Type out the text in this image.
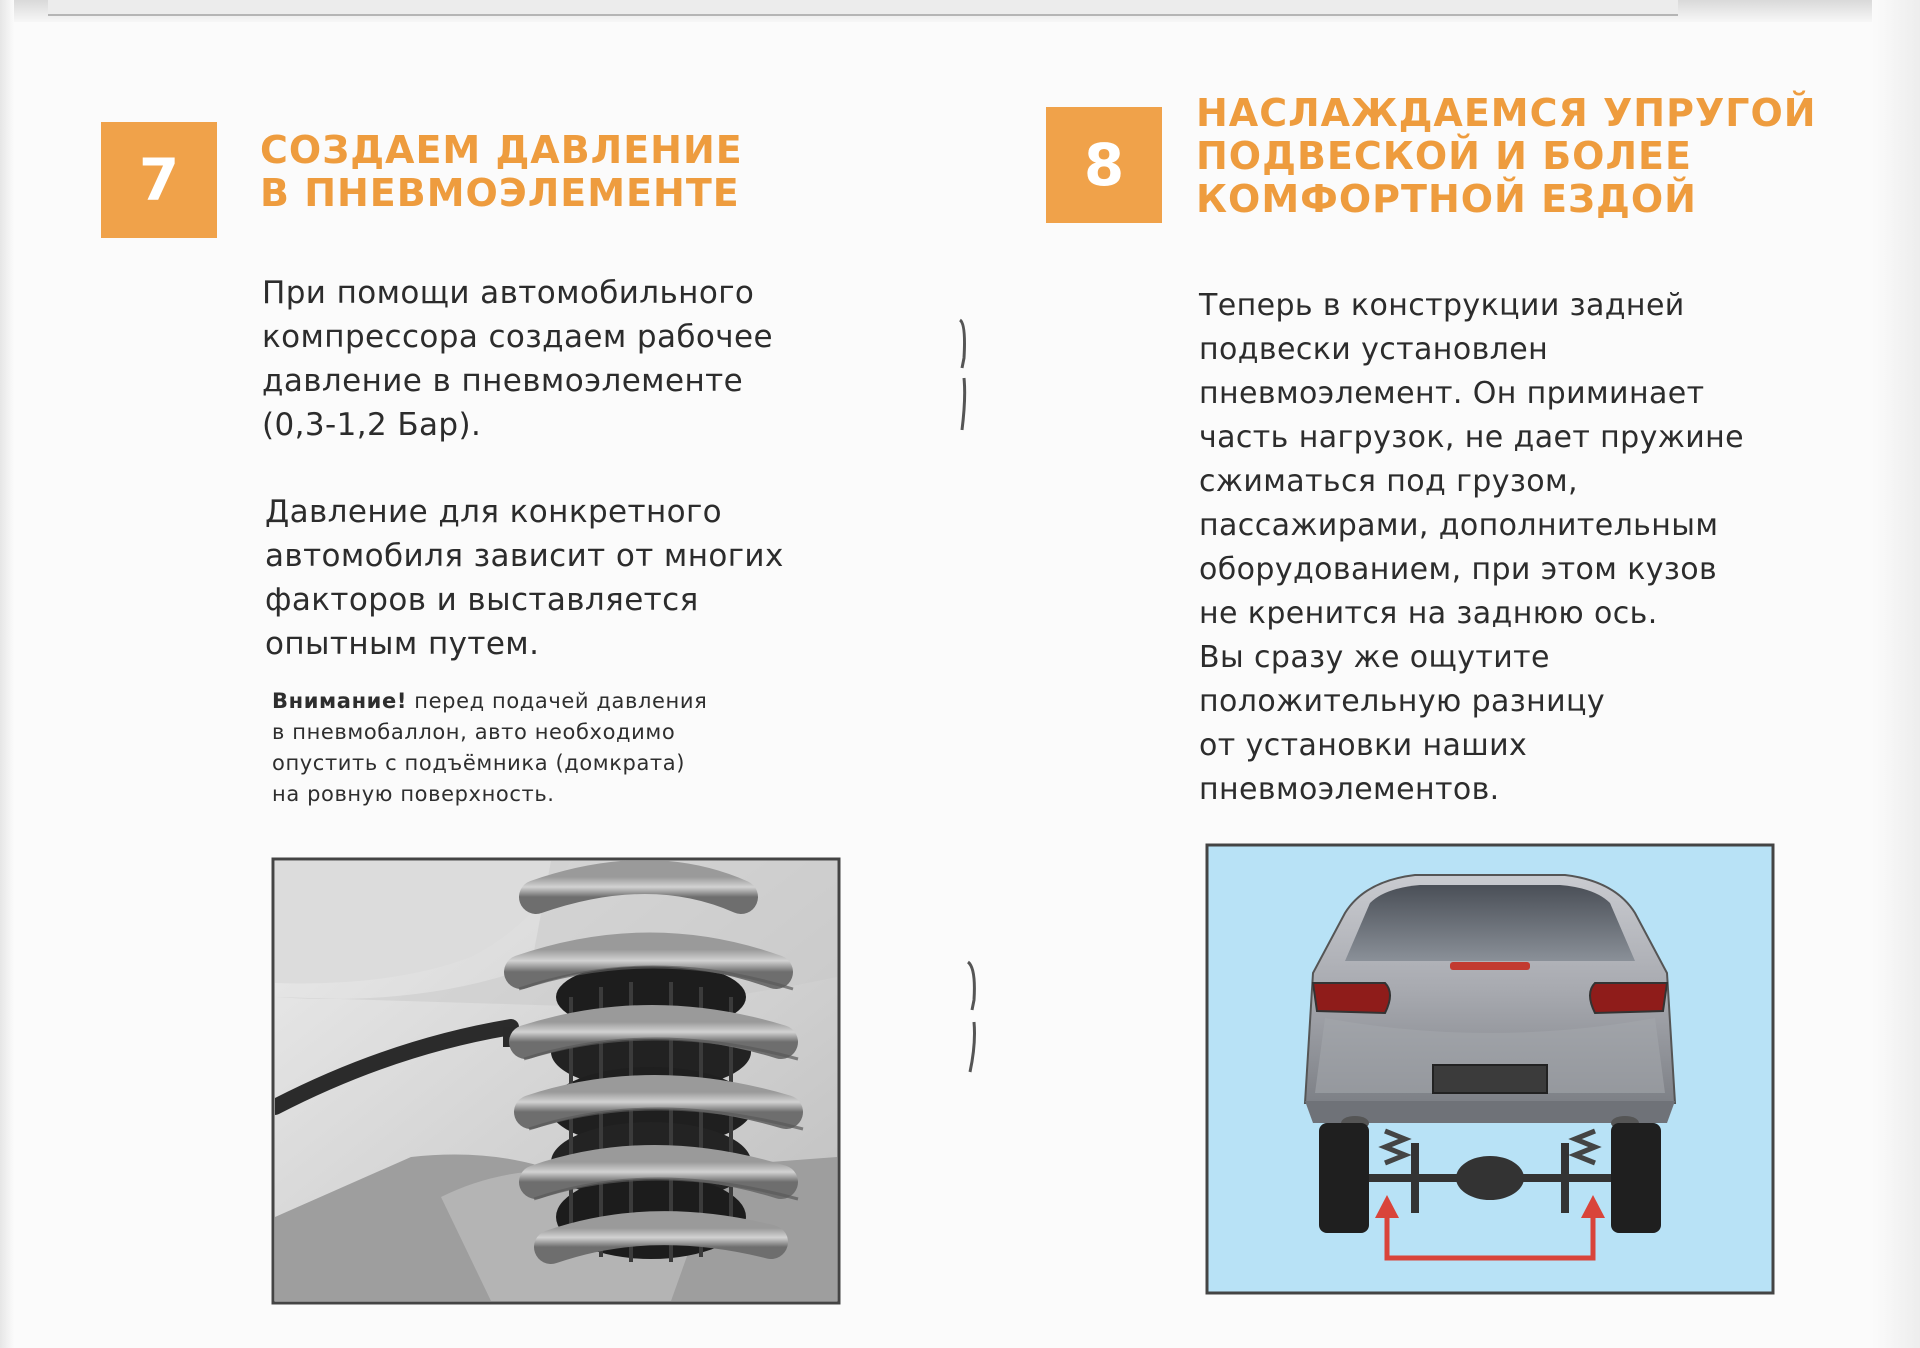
7 СОЗДАЕМ ДАВЛЕНИЕ
В ПНЕВМОЭЛЕМЕНТЕ
При помощи автомобильного
компрессора создаем рабочее
давление в пневмоэлементе
(0,3-1,2 Бар).
Давление для конкретного
автомобиля зависит от многих
факторов и выставляется
опытным путем.
Внимание! перед подачей давления
в пневмобаллон, авто необходимо
опустить с подъёмника (домкрата)
на ровную поверхность.
8
НАСЛАЖДАЕМСЯ УПРУГОЙ
ПОДВЕСКОЙ И БОЛЕЕ
КОМФОРТНОЙ ЕЗДОЙ
Теперь в конструкции задней
подвески установлен
пневмоэлемент. Он приминает
часть нагрузок, не дает пружине
сжиматься под грузом,
пассажирами, дополнительным
оборудованием, при этом кузов
не кренится на заднюю ось.
Вы сразу же ощутите
положительную разницу
от установки наших
пневмоэлементов.
